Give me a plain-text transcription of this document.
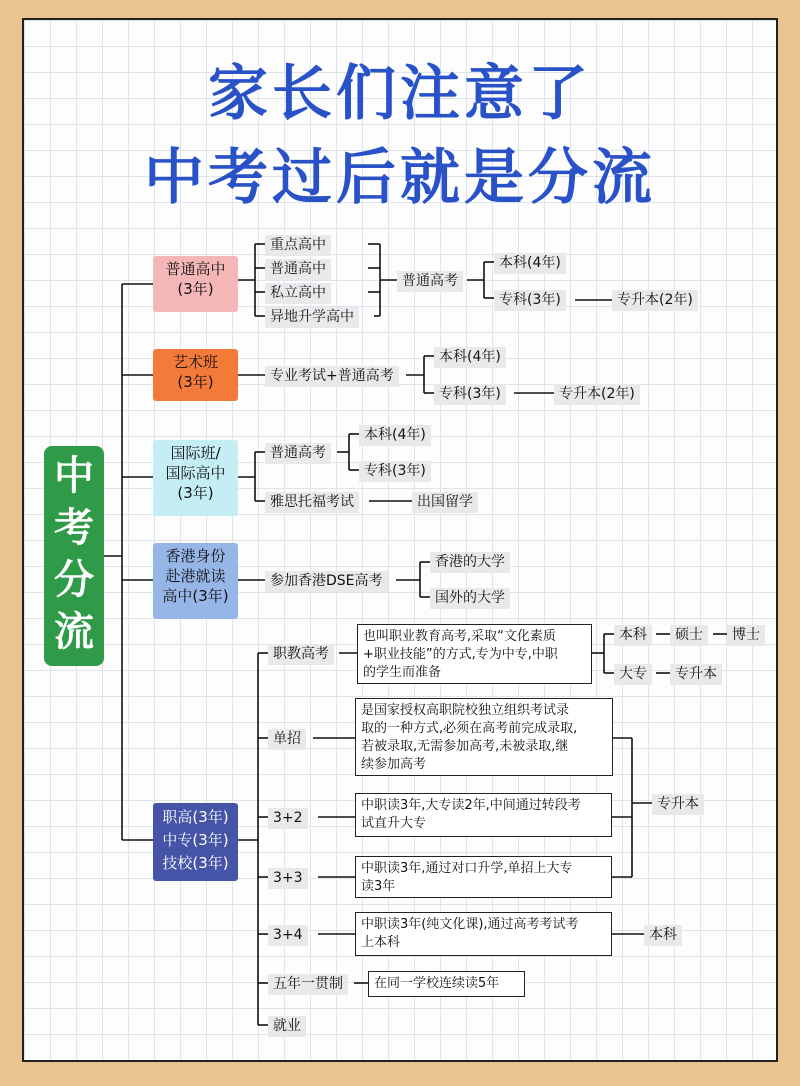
家长们注意了
中考过后就是分流
中
考
分
流
普通高中
(3年)
重点高中
普通高中
私立高中
异地升学高中
普通高考
本科(4年)
专科(3年)	专升本(2年)
艺术班
(3年)	专业考试+普通高考
本科(4年)
专科(3年)	专升本(2年)
国际班/
国际高中
(3年)
普通高考
本科(4年)
专科(3年)
雅思托福考试	出国留学
香港身份
赴港就读
高中(3年)
参加香港DSE高考
香港的大学
国外的大学
职高(3年)
中专(3年)
技校(3年)
职教高考
单招
3+2
3+3
3+4
五年一贯制
就业
也叫职业教育高考,采取“文化素质
+职业技能”的方式,专为中专,中职
的学生而准备
是国家授权高职院校独立组织考试录
取的一种方式,必须在高考前完成录取,
若被录取,无需参加高考,未被录取,继
续参加高考
中职读3年,大专读2年,中间通过转段考
试直升大专
中职读3年,通过对口升学,单招上大专
读3年
中职读3年(纯文化课),通过高考考试考
上本科
在同一学校连续读5年
本科	硕士	博士
大专	专升本
专升本
本科
